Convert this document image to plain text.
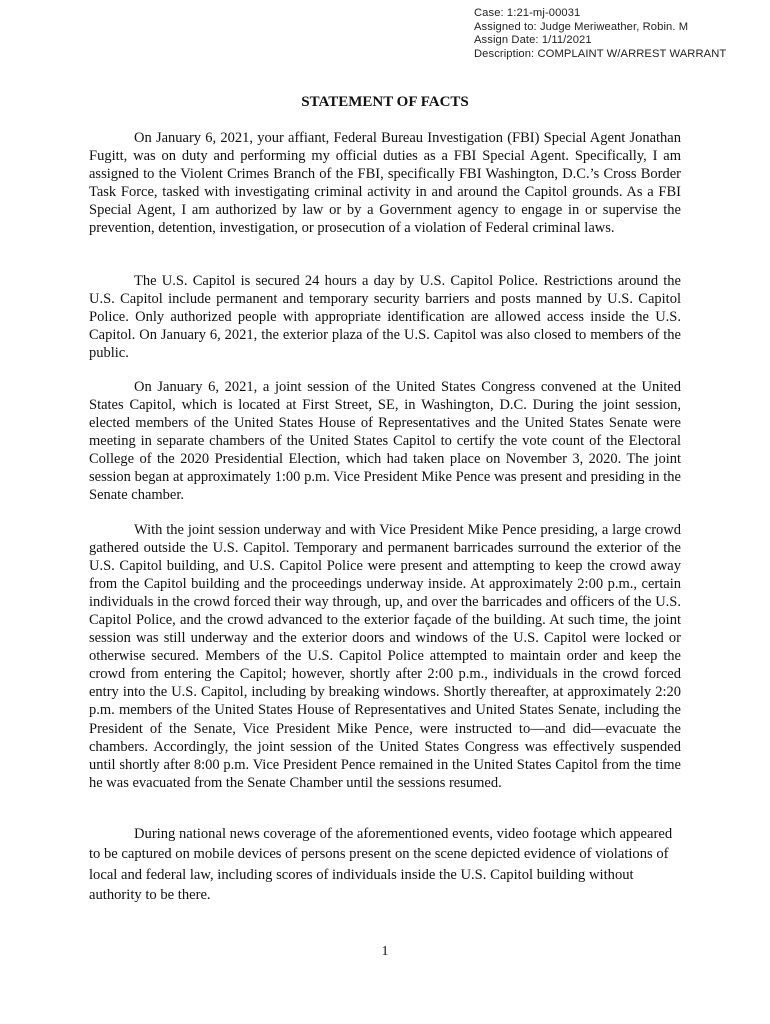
Case: 1:21-mj-00031
Assigned to: Judge Meriweather, Robin. M
Assign Date: 1/11/2021
Description: COMPLAINT W/ARREST WARRANT
STATEMENT OF FACTS

On January 6, 2021, your affiant, Federal Bureau Investigation (FBI) Special Agent Jonathan Fugitt, was on duty and performing my official duties as a FBI Special Agent. Specifically, I am assigned to the Violent Crimes Branch of the FBI, specifically FBI Washington, D.C.’s Cross Border Task Force, tasked with investigating criminal activity in and around the Capitol grounds. As a FBI Special Agent, I am authorized by law or by a Government agency to engage in or supervise the prevention, detention, investigation, or prosecution of a violation of Federal criminal laws.

The U.S. Capitol is secured 24 hours a day by U.S. Capitol Police. Restrictions around the U.S. Capitol include permanent and temporary security barriers and posts manned by U.S. Capitol Police. Only authorized people with appropriate identification are allowed access inside the U.S. Capitol. On January 6, 2021, the exterior plaza of the U.S. Capitol was also closed to members of the public.

On January 6, 2021, a joint session of the United States Congress convened at the United States Capitol, which is located at First Street, SE, in Washington, D.C. During the joint session, elected members of the United States House of Representatives and the United States Senate were meeting in separate chambers of the United States Capitol to certify the vote count of the Electoral College of the 2020 Presidential Election, which had taken place on November 3, 2020. The joint session began at approximately 1:00 p.m. Vice President Mike Pence was present and presiding in the Senate chamber.

With the joint session underway and with Vice President Mike Pence presiding, a large crowd gathered outside the U.S. Capitol. Temporary and permanent barricades surround the exterior of the U.S. Capitol building, and U.S. Capitol Police were present and attempting to keep the crowd away from the Capitol building and the proceedings underway inside. At approximately 2:00 p.m., certain individuals in the crowd forced their way through, up, and over the barricades and officers of the U.S. Capitol Police, and the crowd advanced to the exterior façade of the building. At such time, the joint session was still underway and the exterior doors and windows of the U.S. Capitol were locked or otherwise secured. Members of the U.S. Capitol Police attempted to maintain order and keep the crowd from entering the Capitol; however, shortly after 2:00 p.m., individuals in the crowd forced entry into the U.S. Capitol, including by breaking windows. Shortly thereafter, at approximately 2:20 p.m. members of the United States House of Representatives and United States Senate, including the President of the Senate, Vice President Mike Pence, were instructed to—and did—evacuate the chambers. Accordingly, the joint session of the United States Congress was effectively suspended until shortly after 8:00 p.m. Vice President Pence remained in the United States Capitol from the time he was evacuated from the Senate Chamber until the sessions resumed.

During national news coverage of the aforementioned events, video footage which appeared to be captured on mobile devices of persons present on the scene depicted evidence of violations of local and federal law, including scores of individuals inside the U.S. Capitol building without authority to be there.

1
